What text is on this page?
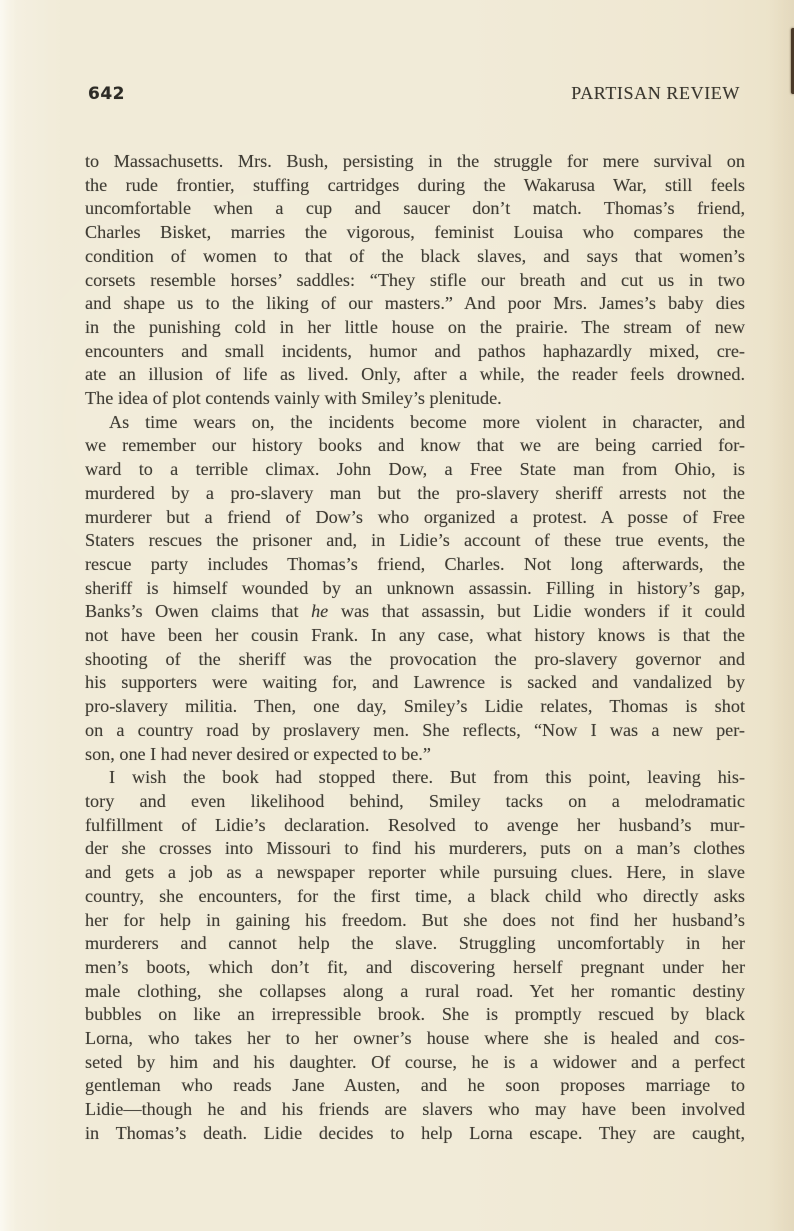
642	PARTISAN REVIEW
to Massachusetts. Mrs. Bush, persisting in the struggle for mere survival on
the rude frontier, stuffing cartridges during the Wakarusa War, still feels
uncomfortable when a cup and saucer don’t match. Thomas’s friend,
Charles Bisket, marries the vigorous, feminist Louisa who compares the
condition of women to that of the black slaves, and says that women’s
corsets resemble horses’ saddles: “They stifle our breath and cut us in two
and shape us to the liking of our masters.” And poor Mrs. James’s baby dies
in the punishing cold in her little house on the prairie. The stream of new
encounters and small incidents, humor and pathos haphazardly mixed, cre-
ate an illusion of life as lived. Only, after a while, the reader feels drowned.
The idea of plot contends vainly with Smiley’s plenitude.
As time wears on, the incidents become more violent in character, and
we remember our history books and know that we are being carried for-
ward to a terrible climax. John Dow, a Free State man from Ohio, is
murdered by a pro-slavery man but the pro-slavery sheriff arrests not the
murderer but a friend of Dow’s who organized a protest. A posse of Free
Staters rescues the prisoner and, in Lidie’s account of these true events, the
rescue party includes Thomas’s friend, Charles. Not long afterwards, the
sheriff is himself wounded by an unknown assassin. Filling in history’s gap,
Banks’s Owen claims that he was that assassin, but Lidie wonders if it could
not have been her cousin Frank. In any case, what history knows is that the
shooting of the sheriff was the provocation the pro-slavery governor and
his supporters were waiting for, and Lawrence is sacked and vandalized by
pro-slavery militia. Then, one day, Smiley’s Lidie relates, Thomas is shot
on a country road by proslavery men. She reflects, “Now I was a new per-
son, one I had never desired or expected to be.”
I wish the book had stopped there. But from this point, leaving his-
tory and even likelihood behind, Smiley tacks on a melodramatic
fulfillment of Lidie’s declaration. Resolved to avenge her husband’s mur-
der she crosses into Missouri to find his murderers, puts on a man’s clothes
and gets a job as a newspaper reporter while pursuing clues. Here, in slave
country, she encounters, for the first time, a black child who directly asks
her for help in gaining his freedom. But she does not find her husband’s
murderers and cannot help the slave. Struggling uncomfortably in her
men’s boots, which don’t fit, and discovering herself pregnant under her
male clothing, she collapses along a rural road. Yet her romantic destiny
bubbles on like an irrepressible brook. She is promptly rescued by black
Lorna, who takes her to her owner’s house where she is healed and cos-
seted by him and his daughter. Of course, he is a widower and a perfect
gentleman who reads Jane Austen, and he soon proposes marriage to
Lidie—though he and his friends are slavers who may have been involved
in Thomas’s death. Lidie decides to help Lorna escape. They are caught,
